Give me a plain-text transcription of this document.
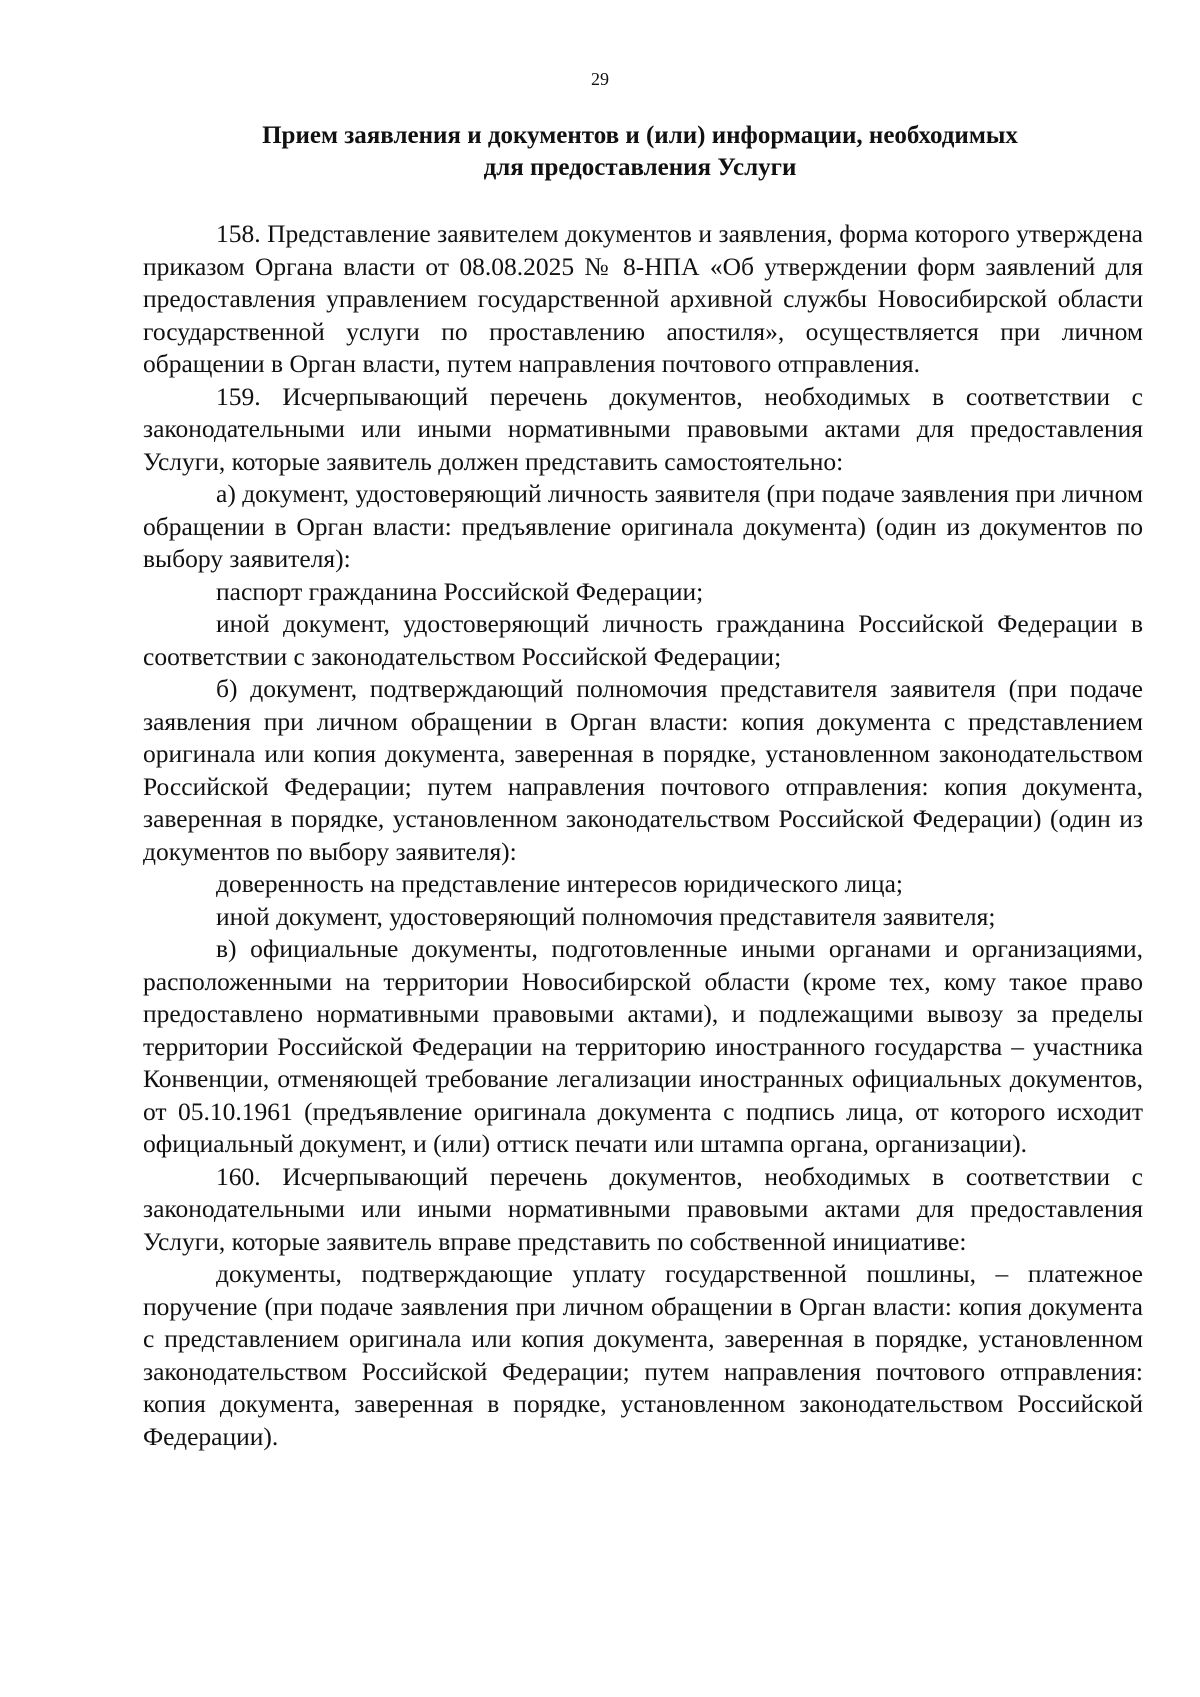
29
Прием заявления и документов и (или) информации, необходимых
для предоставления Услуги

158. Представление заявителем документов и заявления, форма которого утверждена приказом Органа власти от 08.08.2025 № 8-НПА «Об утверждении форм заявлений для предоставления управлением государственной архивной службы Новосибирской области государственной услуги по проставлению апостиля», осуществляется при личном обращении в Орган власти, путем направления почтового отправления.

159. Исчерпывающий перечень документов, необходимых в соответствии с законодательными или иными нормативными правовыми актами для предоставления Услуги, которые заявитель должен представить самостоятельно:

а) документ, удостоверяющий личность заявителя (при подаче заявления при личном обращении в Орган власти: предъявление оригинала документа) (один из документов по выбору заявителя):

паспорт гражданина Российской Федерации;

иной документ, удостоверяющий личность гражданина Российской Федерации в соответствии с законодательством Российской Федерации;

б) документ, подтверждающий полномочия представителя заявителя (при подаче заявления при личном обращении в Орган власти: копия документа с представлением оригинала или копия документа, заверенная в порядке, установленном законодательством Российской Федерации; путем направления почтового отправления: копия документа, заверенная в порядке, установленном законодательством Российской Федерации) (один из документов по выбору заявителя):

доверенность на представление интересов юридического лица;

иной документ, удостоверяющий полномочия представителя заявителя;

в) официальные документы, подготовленные иными органами и организациями, расположенными на территории Новосибирской области (кроме тех, кому такое право предоставлено нормативными правовыми актами), и подлежащими вывозу за пределы территории Российской Федерации на территорию иностранного государства – участника Конвенции, отменяющей требование легализации иностранных официальных документов, от 05.10.1961 (предъявление оригинала документа с подпись лица, от которого исходит официальный документ, и (или) оттиск печати или штампа органа, организации).

160. Исчерпывающий перечень документов, необходимых в соответствии с законодательными или иными нормативными правовыми актами для предоставления Услуги, которые заявитель вправе представить по собственной инициативе:

документы, подтверждающие уплату государственной пошлины, – платежное поручение (при подаче заявления при личном обращении в Орган власти: копия документа с представлением оригинала или копия документа, заверенная в порядке, установленном законодательством Российской Федерации; путем направления почтового отправления: копия документа, заверенная в порядке, установленном законодательством Российской Федерации).
